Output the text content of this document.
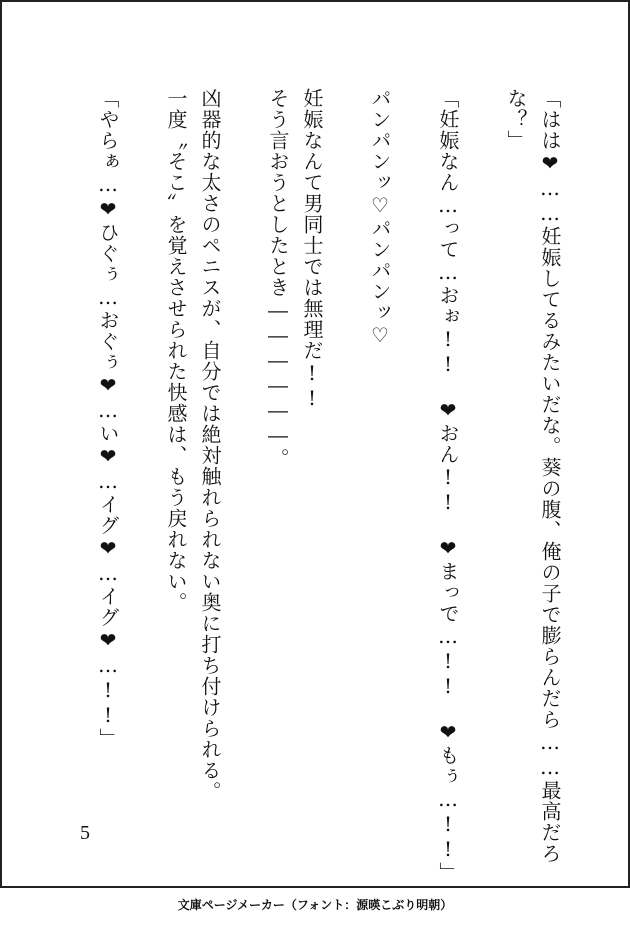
「はは❤……妊娠してるみたいだな。葵の腹、俺の子で膨らんだら……最高だろ
な？」
「妊娠なん…って…おぉ!!　❤おん!!　❤まっで…!!　❤もぅ…!!」
パンパンッ♡パンパンッ♡
妊娠なんて男同士では無理だ!!
そう言おうとしたとき――――――。
凶器的な太さのペニスが、自分では絶対触れられない奥に打ち付けられる。
一度〝そこ〟を覚えさせられた快感は、もう戻れない。
「やらぁ…❤ひぐぅ…おぐぅ❤…い❤…イグ❤…イグ❤…!!」
5
文庫ページメーカー（フォント：源暎こぶり明朝）
